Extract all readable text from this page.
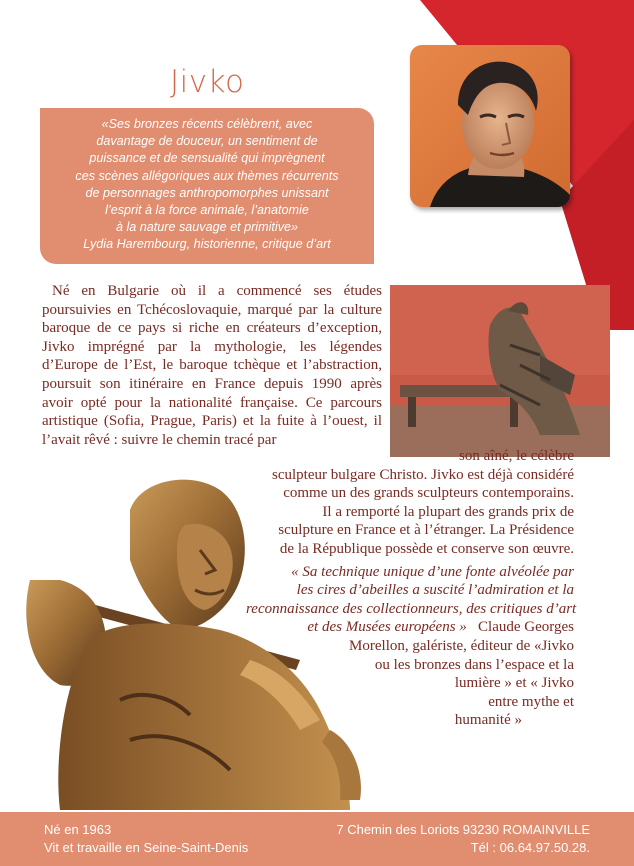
Jivko
«Ses bronzes récents célèbrent, avec
davantage de douceur, un sentiment de
puissance et de sensualité qui imprègnent
ces scènes allégoriques aux thèmes récurrents
de personnages anthropomorphes unissant
l’esprit à la force animale, l’anatomie
à la nature sauvage et primitive»
Lydia Harembourg, historienne, critique d’art

Né en Bulgarie où il a commencé ses études poursuivies en Tchécoslovaquie, marqué par la culture baroque de ce pays si riche en créateurs d’exception, Jivko imprégné par la mythologie, les légendes d’Europe de l’Est, le baroque tchèque et l’abstraction, poursuit son itinéraire en France depuis 1990 après avoir opté pour la nationalité française. Ce parcours artistique (Sofia, Prague, Paris) et la fuite à l’ouest, il l’avait rêvé : suivre le chemin tracé par

son aîné, le célèbre
sculpteur bulgare Christo. Jivko est déjà considéré
comme un des grands sculpteurs contemporains.
Il a remporté la plupart des grands prix de
sculpture en France et à l’étranger. La Présidence
de la République possède et conserve son œuvre.
« Sa technique unique d’une fonte alvéolée par
les cires d’abeilles a suscité l’admiration et la
reconnaissance des collectionneurs, des critiques d’art
et des Musées européens » Claude Georges
Morellon, galériste, éditeur de «Jivko
ou les bronzes dans l’espace et la
lumière » et « Jivko
entre mythe et
humanité »
Né en 1963
Vit et travaille en Seine-Saint-Denis
7 Chemin des Loriots 93230 ROMAINVILLE
Tél : 06.64.97.50.28.
